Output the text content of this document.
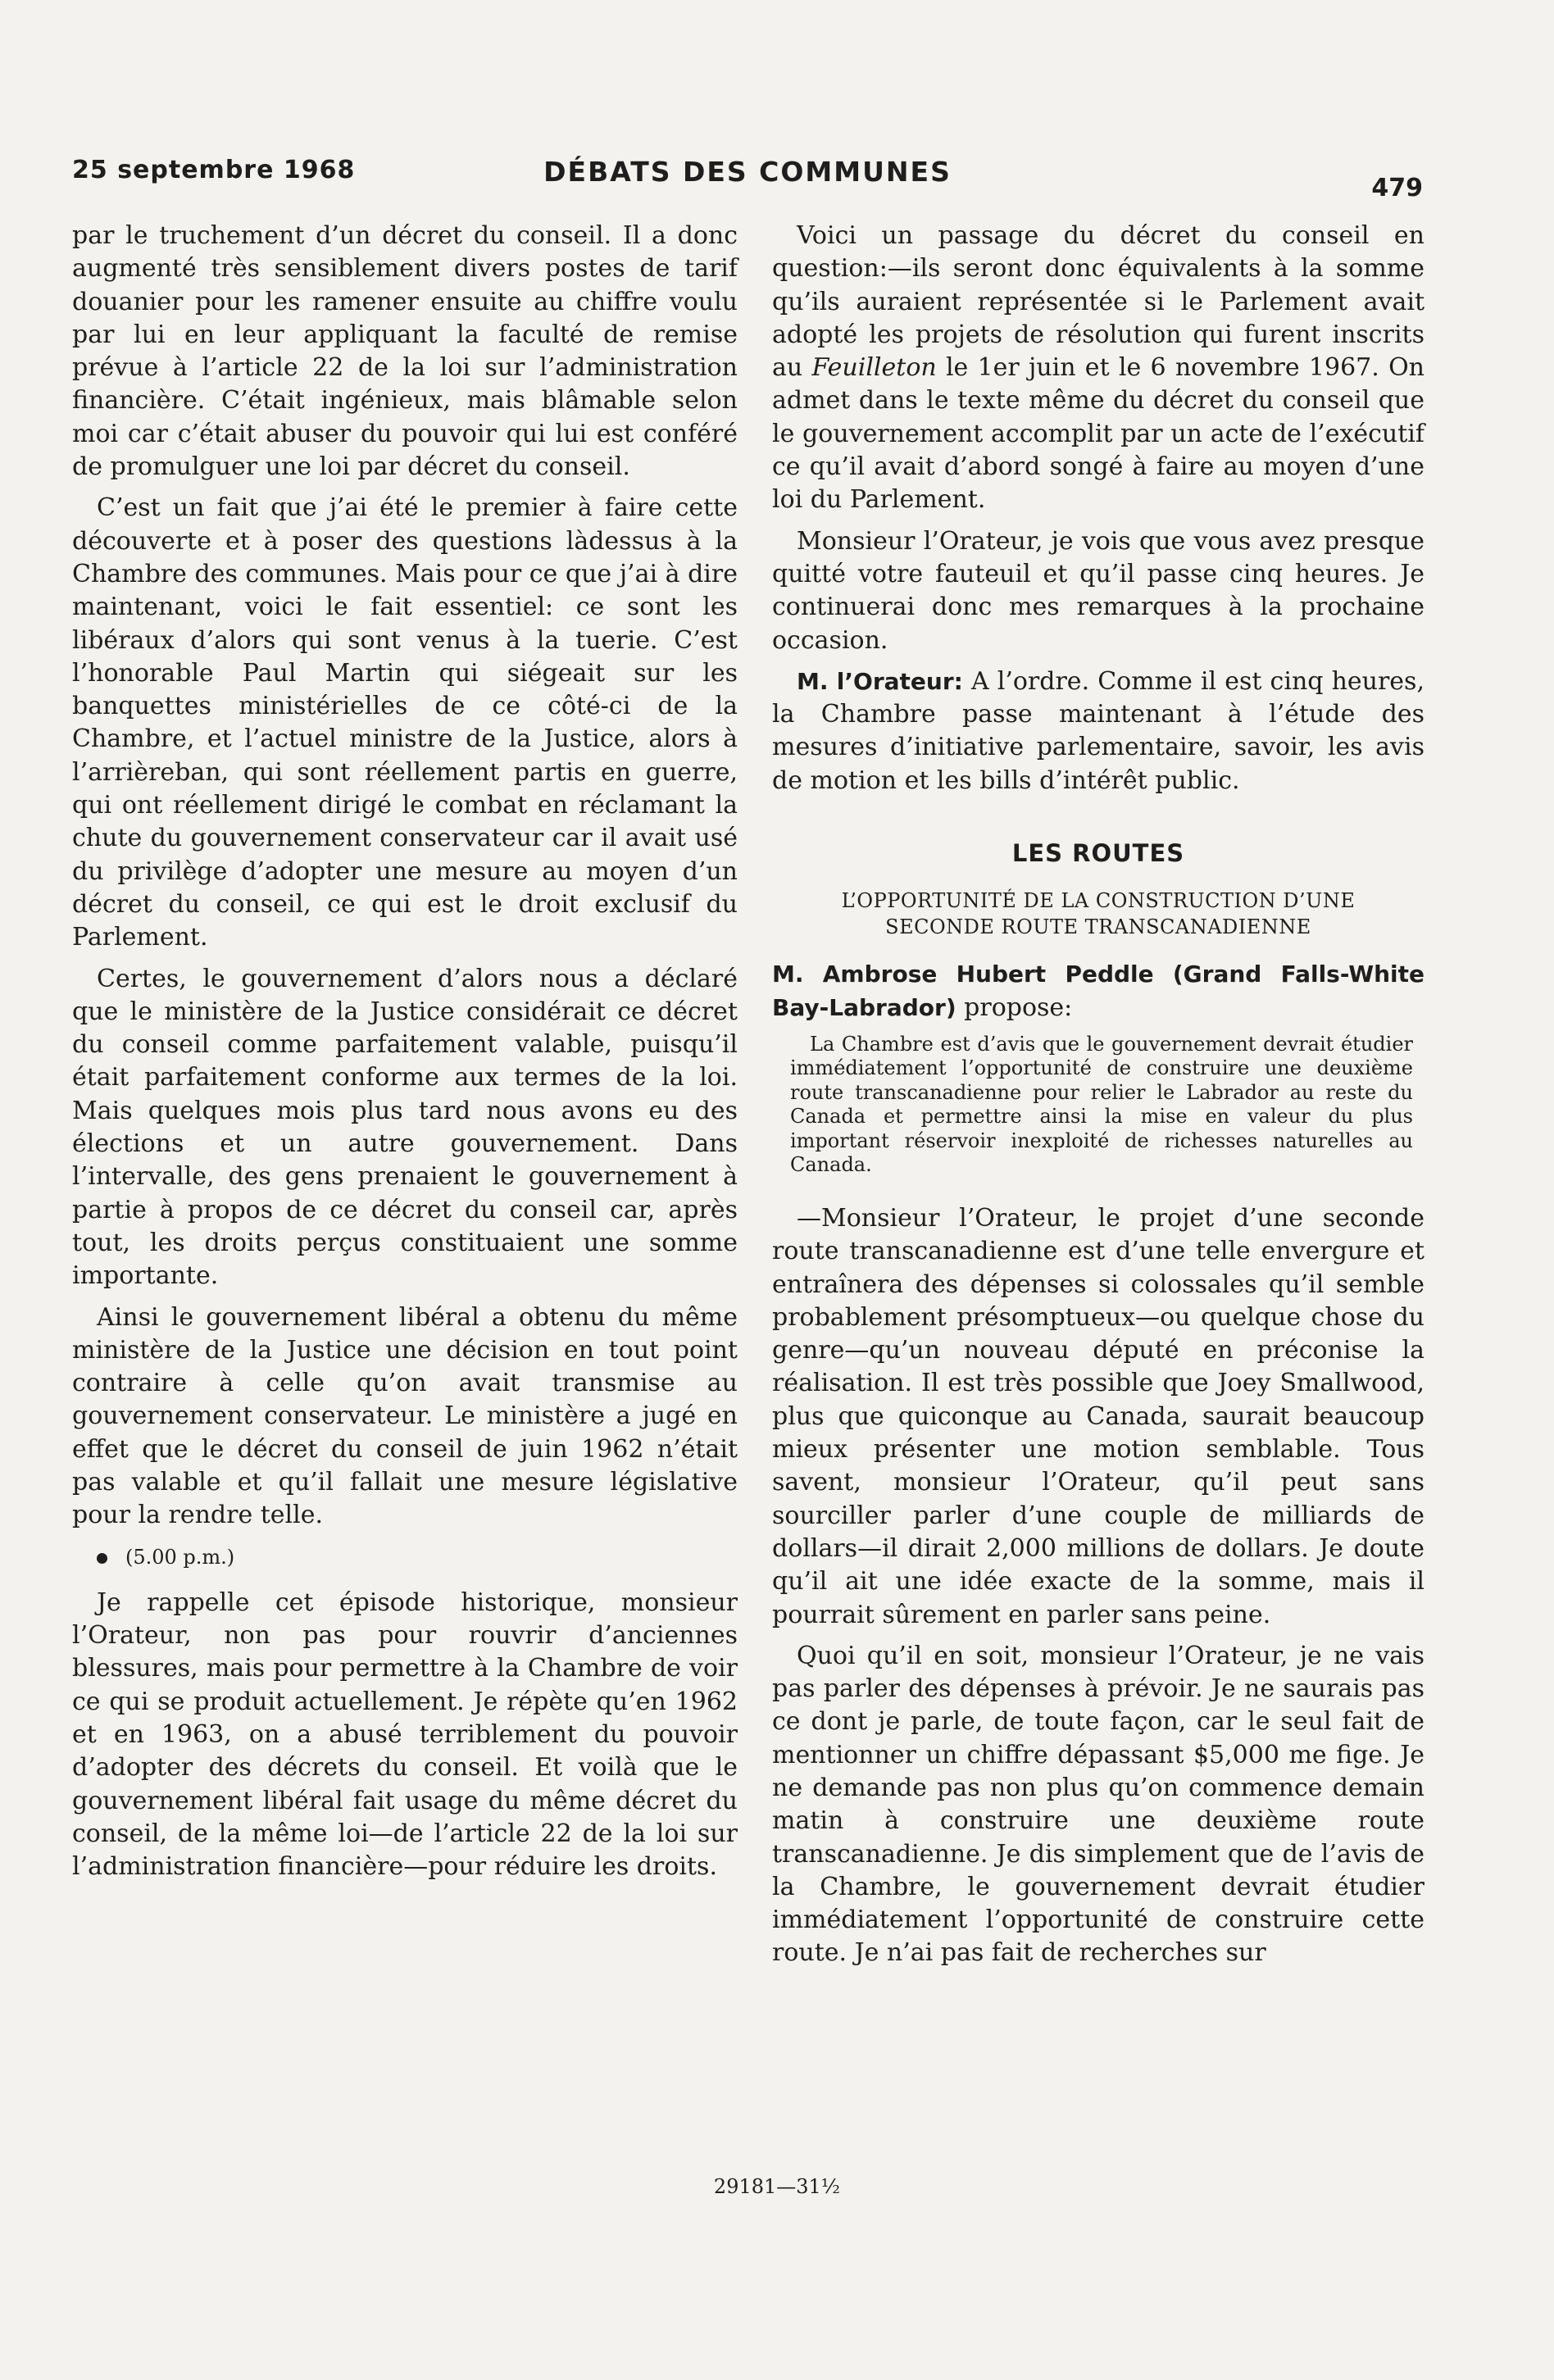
25 septembre 1968	DÉBATS DES COMMUNES
479

par le truchement d’un décret du conseil. Il a donc augmenté très sensiblement divers postes de tarif douanier pour les ramener ensuite au chiffre voulu par lui en leur appliquant la faculté de remise prévue à l’article 22 de la loi sur l’administration financière. C’était ingénieux, mais blâmable selon moi car c’était abuser du pouvoir qui lui est conféré de promulguer une loi par décret du conseil.

C’est un fait que j’ai été le premier à faire cette découverte et à poser des questions làdessus à la Chambre des communes. Mais pour ce que j’ai à dire maintenant, voici le fait essentiel: ce sont les libéraux d’alors qui sont venus à la tuerie. C’est l’honorable Paul Martin qui siégeait sur les banquettes ministérielles de ce côté-ci de la Chambre, et l’actuel ministre de la Justice, alors à l’arrièreban, qui sont réellement partis en guerre, qui ont réellement dirigé le combat en réclamant la chute du gouvernement conservateur car il avait usé du privilège d’adopter une mesure au moyen d’un décret du conseil, ce qui est le droit exclusif du Parlement.

Certes, le gouvernement d’alors nous a déclaré que le ministère de la Justice considérait ce décret du conseil comme parfaitement valable, puisqu’il était parfaitement conforme aux termes de la loi. Mais quelques mois plus tard nous avons eu des élections et un autre gouvernement. Dans l’intervalle, des gens prenaient le gouvernement à partie à propos de ce décret du conseil car, après tout, les droits perçus constituaient une somme importante.

Ainsi le gouvernement libéral a obtenu du même ministère de la Justice une décision en tout point contraire à celle qu’on avait transmise au gouvernement conservateur. Le ministère a jugé en effet que le décret du conseil de juin 1962 n’était pas valable et qu’il fallait une mesure législative pour la rendre telle.

(5.00 p.m.)

Je rappelle cet épisode historique, monsieur l’Orateur, non pas pour rouvrir d’anciennes blessures, mais pour permettre à la Chambre de voir ce qui se produit actuellement. Je répète qu’en 1962 et en 1963, on a abusé terriblement du pouvoir d’adopter des décrets du conseil. Et voilà que le gouvernement libéral fait usage du même décret du conseil, de la même loi—de l’article 22 de la loi sur l’administration financière—pour réduire les droits.

Voici un passage du décret du conseil en question:—ils seront donc équivalents à la somme qu’ils auraient représentée si le Parlement avait adopté les projets de résolution qui furent inscrits au Feuilleton le 1er juin et le 6 novembre 1967. On admet dans le texte même du décret du conseil que le gouvernement accomplit par un acte de l’exécutif ce qu’il avait d’abord songé à faire au moyen d’une loi du Parlement.

Monsieur l’Orateur, je vois que vous avez presque quitté votre fauteuil et qu’il passe cinq heures. Je continuerai donc mes remarques à la prochaine occasion.

M. l’Orateur: A l’ordre. Comme il est cinq heures, la Chambre passe maintenant à l’étude des mesures d’initiative parlementaire, savoir, les avis de motion et les bills d’intérêt public.

LES ROUTES
L’OPPORTUNITÉ DE LA CONSTRUCTION D’UNE SECONDE ROUTE TRANSCANADIENNE

M. Ambrose Hubert Peddle (Grand Falls-White Bay-Labrador) propose:

La Chambre est d’avis que le gouvernement devrait étudier immédiatement l’opportunité de construire une deuxième route transcanadienne pour relier le Labrador au reste du Canada et permettre ainsi la mise en valeur du plus important réservoir inexploité de richesses naturelles au Canada.

—Monsieur l’Orateur, le projet d’une seconde route transcanadienne est d’une telle envergure et entraînera des dépenses si colossales qu’il semble probablement présomptueux—ou quelque chose du genre—qu’un nouveau député en préconise la réalisation. Il est très possible que Joey Smallwood, plus que quiconque au Canada, saurait beaucoup mieux présenter une motion semblable. Tous savent, monsieur l’Orateur, qu’il peut sans sourciller parler d’une couple de milliards de dollars—il dirait 2,000 millions de dollars. Je doute qu’il ait une idée exacte de la somme, mais il pourrait sûrement en parler sans peine.

Quoi qu’il en soit, monsieur l’Orateur, je ne vais pas parler des dépenses à prévoir. Je ne saurais pas ce dont je parle, de toute façon, car le seul fait de mentionner un chiffre dépassant $5,000 me fige. Je ne demande pas non plus qu’on commence demain matin à construire une deuxième route transcanadienne. Je dis simplement que de l’avis de la Chambre, le gouvernement devrait étudier immédiatement l’opportunité de construire cette route. Je n’ai pas fait de recherches sur

29181—31½
